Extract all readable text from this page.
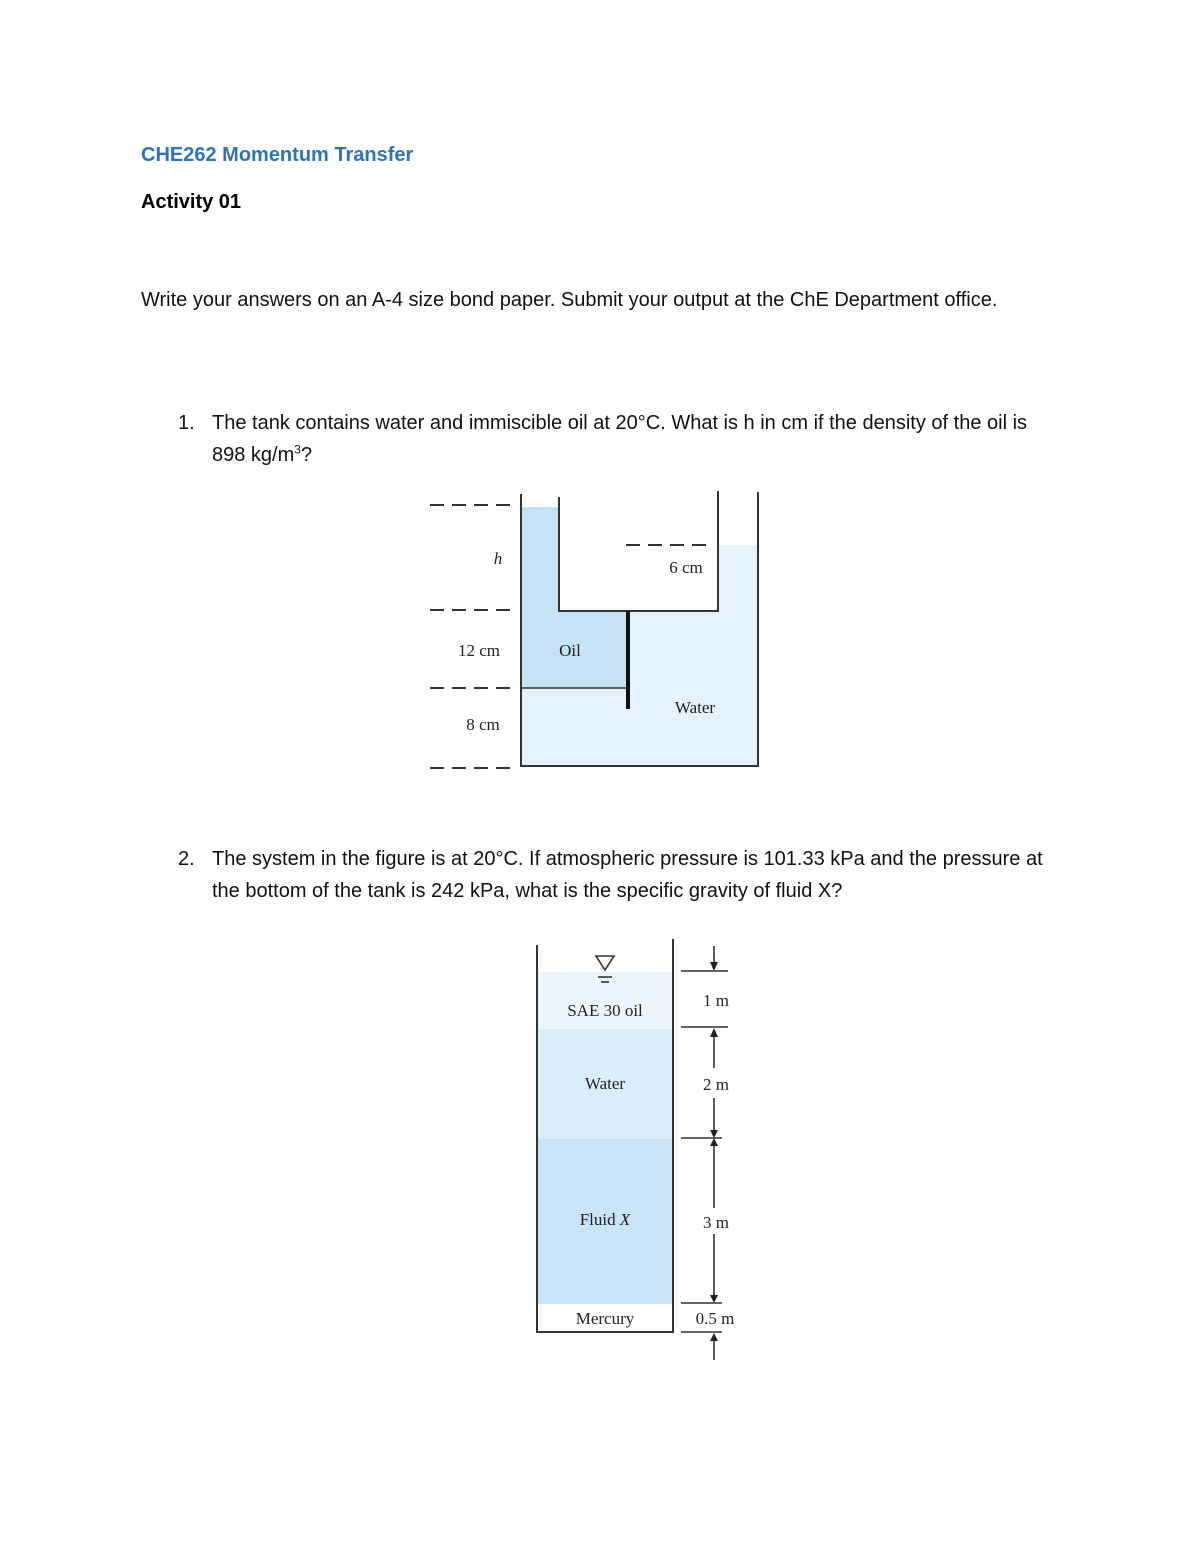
CHE262 Momentum Transfer
Activity 01
Write your answers on an A-4 size bond paper. Submit your output at the ChE Department office.
1. The tank contains water and immiscible oil at 20°C. What is h in cm if the density of the oil is 898 $kg/m^3$?
h	6 cm
12 cm	Oil
Water
8 cm
2. The system in the figure is at 20°C. If atmospheric pressure is 101.33 kPa and the pressure at the bottom of the tank is 242 kPa, what is the specific gravity of fluid X?
SAE 30 oil
Water
Fluid X
Mercury
1 m
2 m
3 m
0.5 m
